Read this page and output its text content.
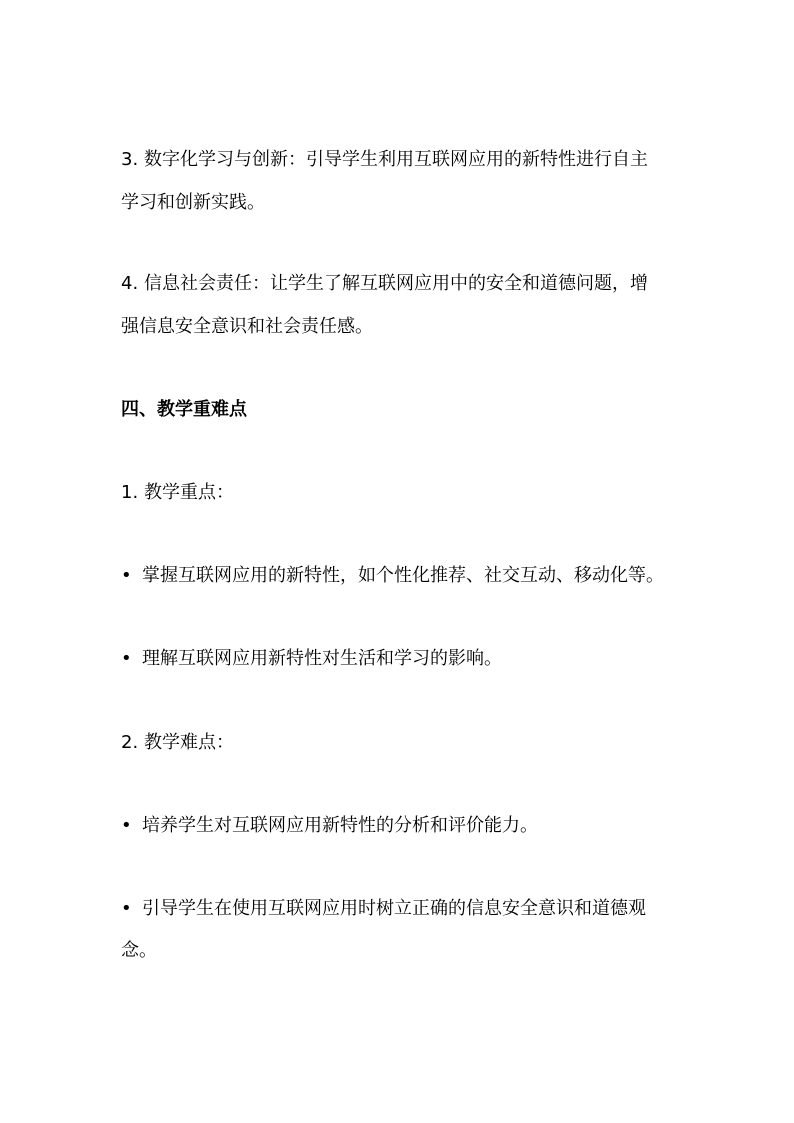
3. 数字化学习与创新：引导学生利用互联网应用的新特性进行自主
学习和创新实践。
4. 信息社会责任：让学生了解互联网应用中的安全和道德问题，增
强信息安全意识和社会责任感。
四、教学重难点
1. 教学重点：
• 掌握互联网应用的新特性，如个性化推荐、社交互动、移动化等。
• 理解互联网应用新特性对生活和学习的影响。
2. 教学难点：
• 培养学生对互联网应用新特性的分析和评价能力。
• 引导学生在使用互联网应用时树立正确的信息安全意识和道德观
念。
